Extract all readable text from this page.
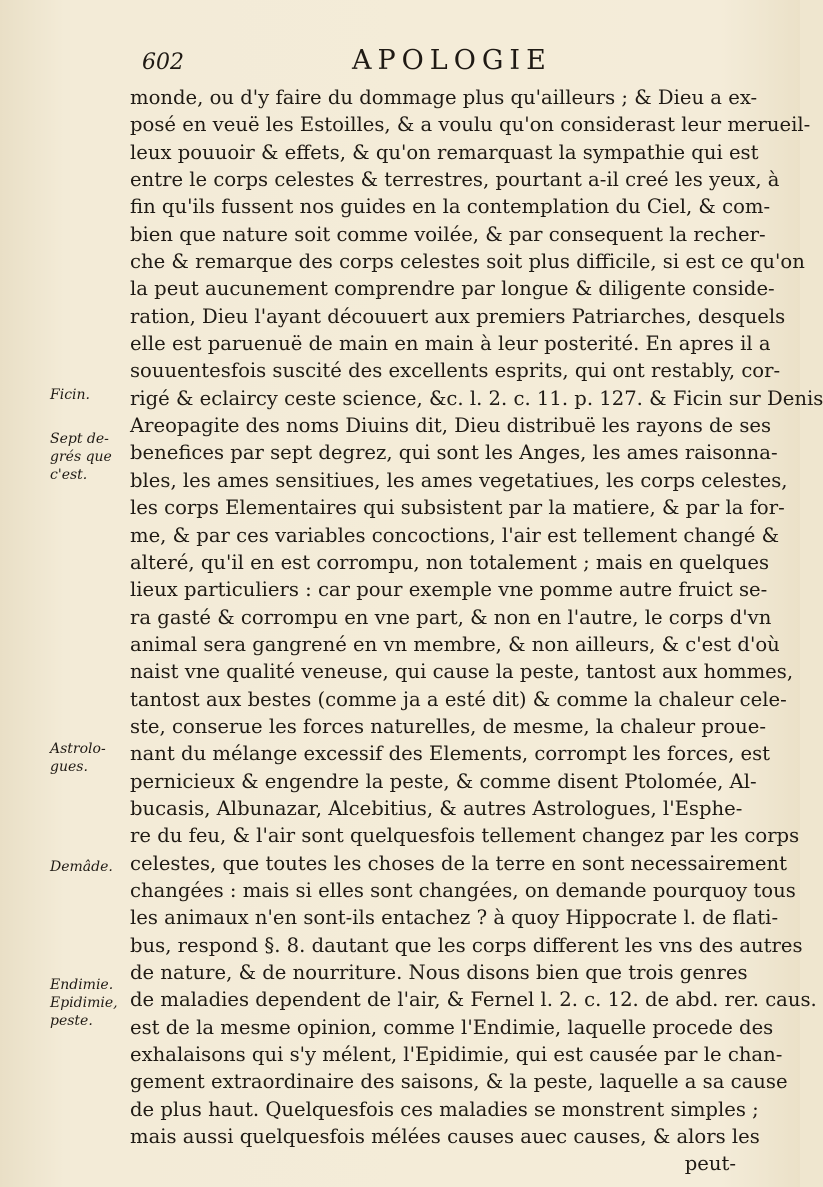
602	APOLOGIE
Ficin.
Sept de-grés que c'est.
Astrolo-gues.
Demâde.
Endimie. Epidimie, peste.
monde, ou d'y faire du dommage plus qu'ailleurs ; & Dieu a ex-
posé en veuë les Estoilles, & a voulu qu'on considerast leur merueil-
leux pouuoir & effets, & qu'on remarquast la sympathie qui est
entre le corps celestes & terrestres, pourtant a-il creé les yeux, à
fin qu'ils fussent nos guides en la contemplation du Ciel, & com-
bien que nature soit comme voilée, & par consequent la recher-
che & remarque des corps celestes soit plus difficile, si est ce qu'on
la peut aucunement comprendre par longue & diligente conside-
ration, Dieu l'ayant découuert aux premiers Patriarches, desquels
elle est paruenuë de main en main à leur posterité. En apres il a
souuentesfois suscité des excellents esprits, qui ont restably, cor-
rigé & eclaircy ceste science, &c. l. 2. c. 11. p. 127. & Ficin sur Denis
Areopagite des noms Diuins dit, Dieu distribuë les rayons de ses
benefices par sept degrez, qui sont les Anges, les ames raisonna-
bles, les ames sensitiues, les ames vegetatiues, les corps celestes,
les corps Elementaires qui subsistent par la matiere, & par la for-
me, & par ces variables concoctions, l'air est tellement changé &
alteré, qu'il en est corrompu, non totalement ; mais en quelques
lieux particuliers : car pour exemple vne pomme autre fruict se-
ra gasté & corrompu en vne part, & non en l'autre, le corps d'vn
animal sera gangrené en vn membre, & non ailleurs, & c'est d'où
naist vne qualité veneuse, qui cause la peste, tantost aux hommes,
tantost aux bestes (comme ja a esté dit) & comme la chaleur cele-
ste, conserue les forces naturelles, de mesme, la chaleur proue-
nant du mélange excessif des Elements, corrompt les forces, est
pernicieux & engendre la peste, & comme disent Ptolomée, Al-
bucasis, Albunazar, Alcebitius, & autres Astrologues, l'Esphe-
re du feu, & l'air sont quelquesfois tellement changez par les corps
celestes, que toutes les choses de la terre en sont necessairement
changées : mais si elles sont changées, on demande pourquoy tous
les animaux n'en sont-ils entachez ? à quoy Hippocrate l. de flati-
bus, respond §. 8. dautant que les corps different les vns des autres
de nature, & de nourriture. Nous disons bien que trois genres
de maladies dependent de l'air, & Fernel l. 2. c. 12. de abd. rer. caus.
est de la mesme opinion, comme l'Endimie, laquelle procede des
exhalaisons qui s'y mélent, l'Epidimie, qui est causée par le chan-
gement extraordinaire des saisons, & la peste, laquelle a sa cause
de plus haut. Quelquesfois ces maladies se monstrent simples ;
mais aussi quelquesfois mélées causes auec causes, & alors les
peut-
